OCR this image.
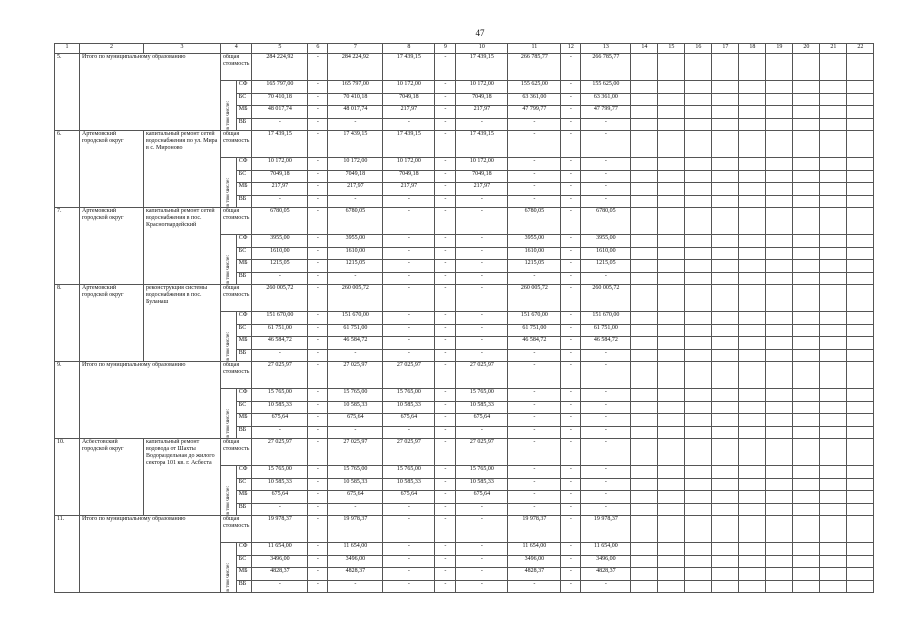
47
1	2	3	4		5	6	7	8	9	10	11	12	13	14	15	16	17	18	19	20	21	22
5.	Итого по муниципальному образованию		общая стоимость		284 224,92	-	284 224,92	17 439,15	-	17 439,15	266 785,77	-	266 785,77									

			в том числе:	СФ	165 797,00	-	165 797,00	10 172,00	-	10 172,00	155 625,00	-	155 625,00									
				БС	70 410,18	-	70 410,18	7049,18	-	7049,18	63 361,00	-	63 361,00									
				МБ	48 017,74	-	48 017,74	217,97	-	217,97	47 799,77	-	47 799,77									
				ВБ	-	-	-	-	-	-	-	-	-									
6.	Артемовский городской округ	капитальный ремонт сетей водоснабжения по ул. Мира в с. Мироново	общая стоимость		17 439,15	-	17 439,15	17 439,15	-	17 439,15	-	-	-									

			в том числе:	СФ	10 172,00	-	10 172,00	10 172,00	-	10 172,00	-	-	-									
				БС	7049,18	-	7049,18	7049,18	-	7049,18	-	-	-									
				МБ	217,97	-	217,97	217,97	-	217,97	-	-	-									
				ВБ	-	-	-	-	-	-	-	-	-									
7.	Артемовский городской округ	капитальный ремонт сетей водоснабжения в пос. Красногвардейский	общая стоимость		6780,05	-	6780,05	-	-	-	6780,05	-	6780,05									

			в том числе:	СФ	3955,00	-	3955,00	-	-	-	3955,00	-	3955,00									
				БС	1610,00	-	1610,00	-	-	-	1610,00	-	1610,00									
				МБ	1215,05	-	1215,05	-	-	-	1215,05	-	1215,05									
				ВБ	-	-	-	-	-	-	-	-	-									
8.	Артемовский городской округ	реконструкция системы водоснабжения в пос. Буланаш	общая стоимость		260 005,72	-	260 005,72	-	-	-	260 005,72	-	260 005,72									

			в том числе:	СФ	151 670,00	-	151 670,00	-	-	-	151 670,00	-	151 670,00									
				БС	61 751,00	-	61 751,00	-	-	-	61 751,00	-	61 751,00									
				МБ	46 584,72	-	46 584,72	-	-	-	46 584,72	-	46 584,72									
				ВБ	-	-	-	-	-	-	-	-	-									
9.	Итого по муниципальному образованию		общая стоимость		27 025,97	-	27 025,97	27 025,97	-	27 025,97	-	-	-									

			в том числе:	СФ	15 765,00	-	15 765,00	15 765,00	-	15 765,00	-	-	-									
				БС	10 585,33	-	10 585,33	10 585,33	-	10 585,33	-	-	-									
				МБ	675,64	-	675,64	675,64	-	675,64	-	-	-									
				ВБ	-	-	-	-	-	-	-	-	-									
10.	Асбестовский городской округ	капитальный ремонт водовода от Шахты Водораздельная до жилого сектора 101 кв. г. Асбеста	общая стоимость		27 025,97	-	27 025,97	27 025,97	-	27 025,97	-	-	-									

			в том числе:	СФ	15 765,00	-	15 765,00	15 765,00	-	15 765,00	-	-	-									
				БС	10 585,33	-	10 585,33	10 585,33	-	10 585,33	-	-	-									
				МБ	675,64	-	675,64	675,64	-	675,64	-	-	-									
				ВБ	-	-	-	-	-	-	-	-	-									
11.	Итого по муниципальному образованию		общая стоимость		19 978,37	-	19 978,37	-	-	-	19 978,37	-	19 978,37									

			в том числе:	СФ	11 654,00	-	11 654,00	-	-	-	11 654,00	-	11 654,00									
				БС	3496,00	-	3496,00	-	-	-	3496,00	-	3496,00									
				МБ	4828,37	-	4828,37	-	-	-	4828,37	-	4828,37									
				ВБ	-	-	-	-	-	-	-	-	-									
